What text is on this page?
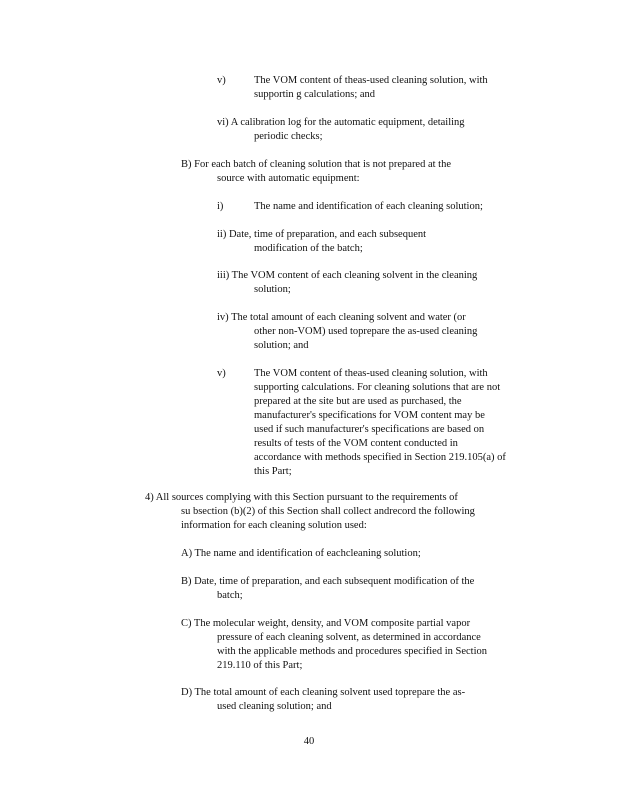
v)	The VOM content of theas-used cleaning solution, with
supportin g calculations; and
vi) A calibration log for the automatic equipment, detailing
periodic checks;
B) For each batch of cleaning solution that is not prepared at the
source with automatic equipment:
i)	The name and identification of each cleaning solution;
ii) Date, time of preparation, and each subsequent
modification of the batch;
iii) The VOM content of each cleaning solvent in the cleaning
solution;
iv) The total amount of each cleaning solvent and water (or
other non-VOM) used toprepare the as-used cleaning
solution; and
v)	The VOM content of theas-used cleaning solution, with
supporting calculations. For cleaning solutions that are not
prepared at the site but are used as purchased, the
manufacturer's specifications for VOM content may be
used if such manufacturer's specifications are based on
results of tests of the VOM content conducted in
accordance with methods specified in Section 219.105(a) of
this Part;
4) All sources complying with this Section pursuant to the requirements of
su bsection (b)(2) of this Section shall collect andrecord the following
information for each cleaning solution used:
A) The name and identification of eachcleaning solution;
B) Date, time of preparation, and each subsequent modification of the
batch;
C) The molecular weight, density, and VOM composite partial vapor
pressure of each cleaning solvent, as determined in accordance
with the applicable methods and procedures specified in Section
219.110 of this Part;
D) The total amount of each cleaning solvent used toprepare the as-
used cleaning solution; and
40
